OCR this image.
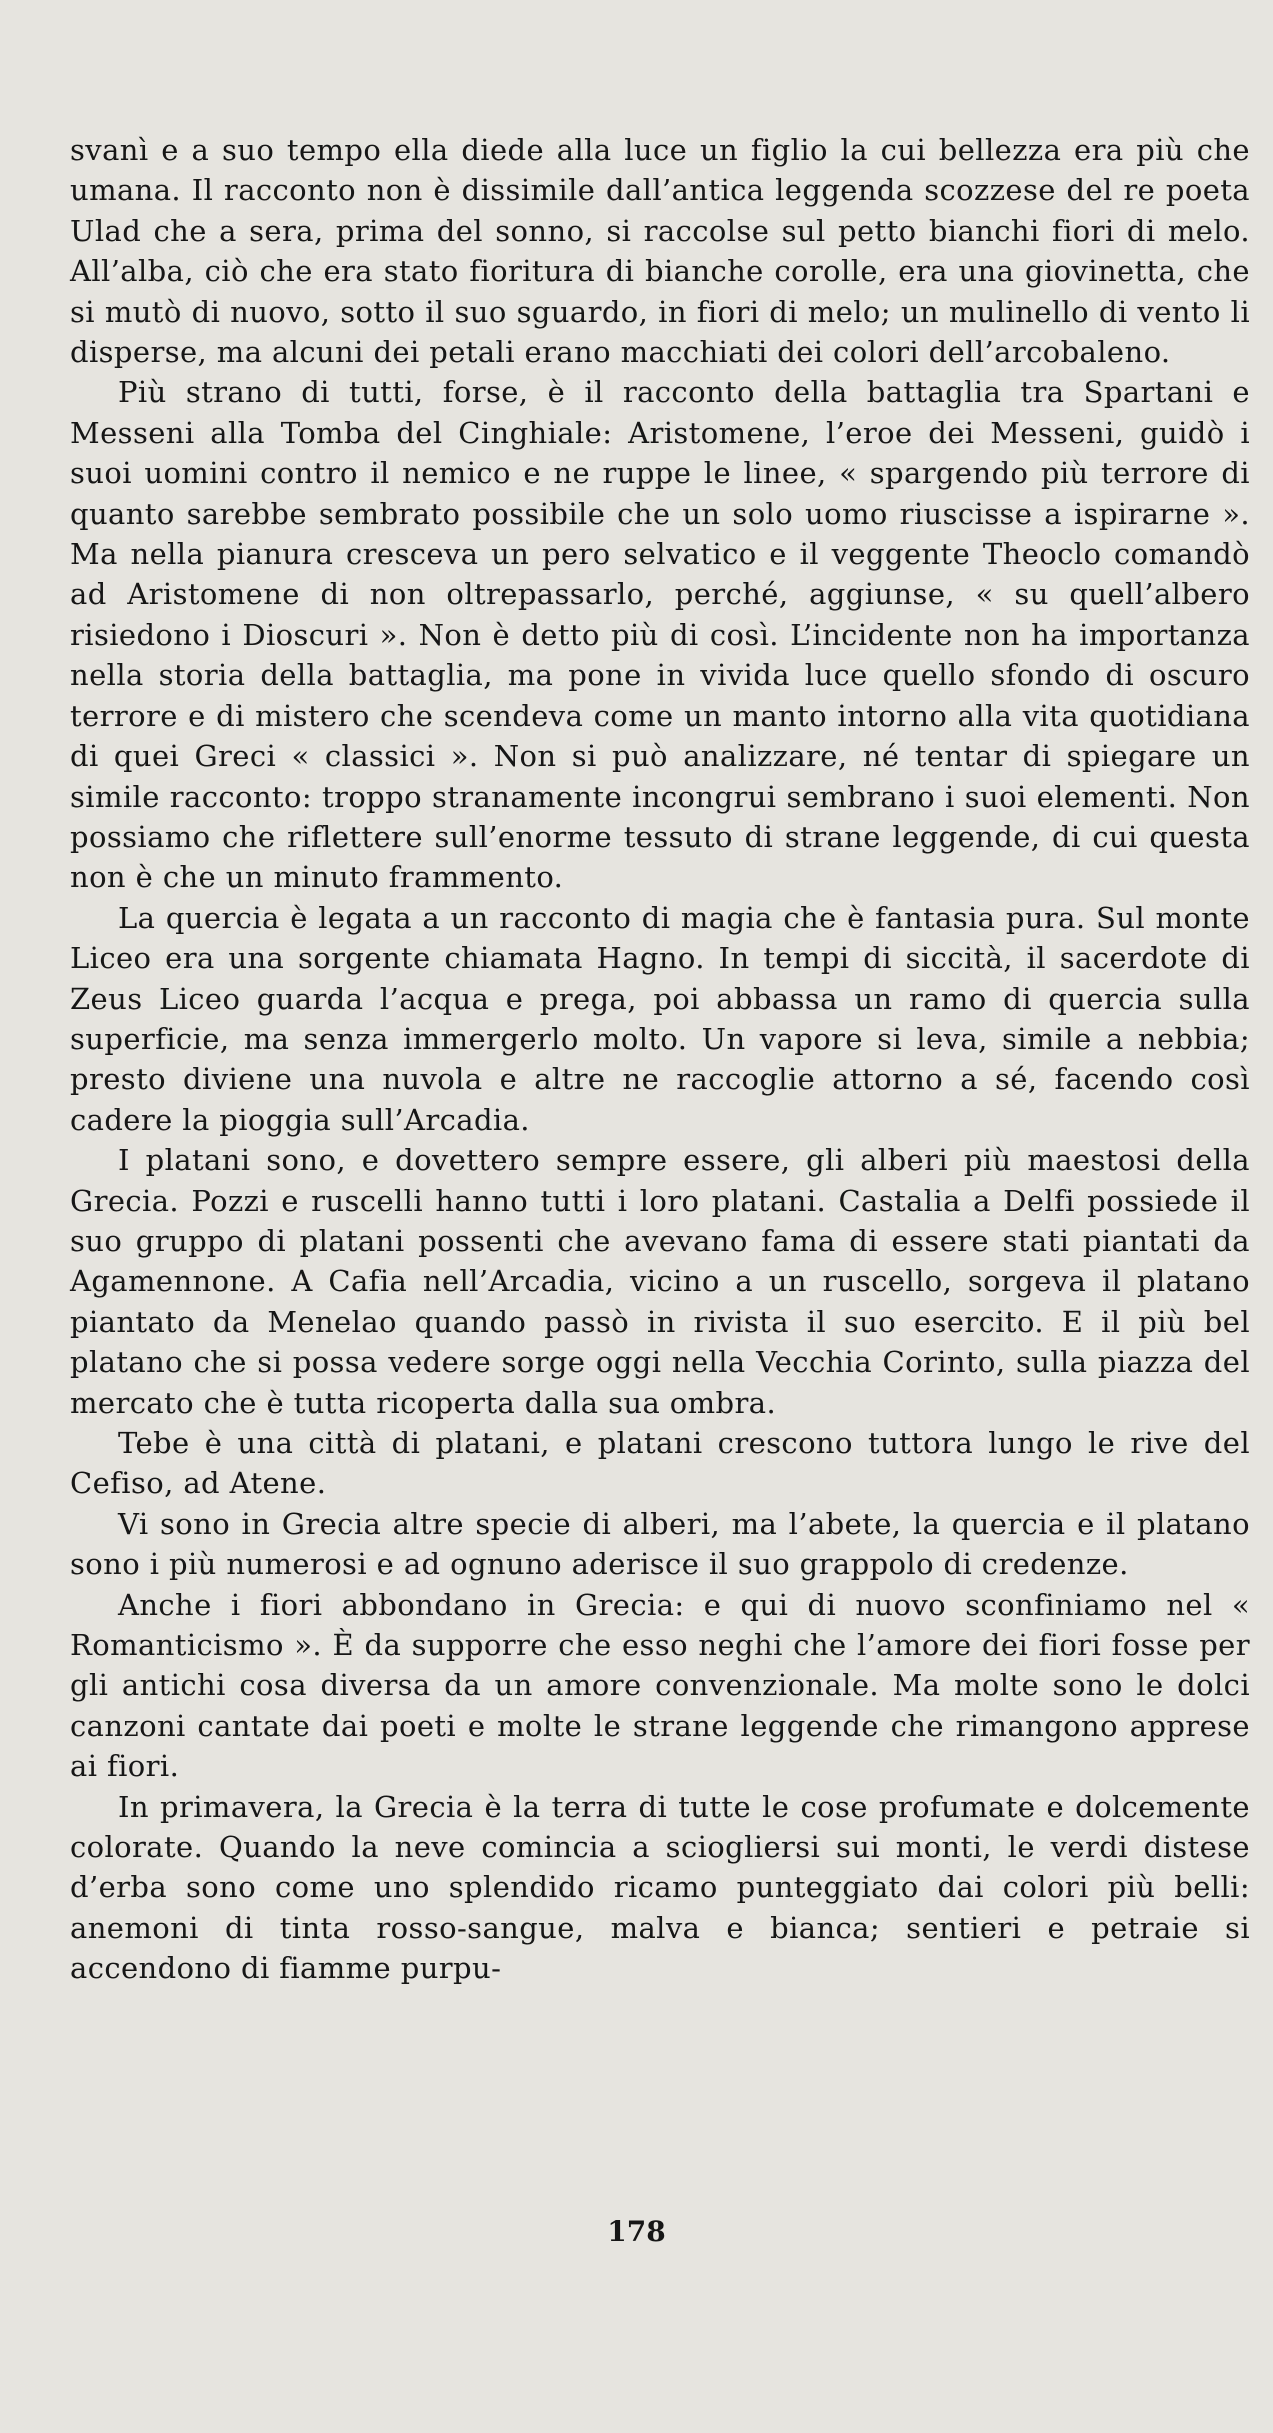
svanì e a suo tempo ella diede alla luce un figlio la cui bellezza era più che umana. Il racconto non è dissimile dall’antica leggenda scozzese del re poeta Ulad che a sera, prima del sonno, si raccolse sul petto bianchi fiori di melo. All’alba, ciò che era stato fioritura di bianche corolle, era una giovinetta, che si mutò di nuovo, sotto il suo sguardo, in fiori di melo; un mulinello di vento li disperse, ma alcuni dei petali erano macchiati dei colori dell’arcobaleno.

Più strano di tutti, forse, è il racconto della battaglia tra Spartani e Messeni alla Tomba del Cinghiale: Aristomene, l’eroe dei Messeni, guidò i suoi uomini contro il nemico e ne ruppe le linee, « spargendo più terrore di quanto sarebbe sembrato possibile che un solo uomo riuscisse a ispirarne ». Ma nella pianura cresceva un pero selvatico e il veggente Theoclo comandò ad Aristomene di non oltrepassarlo, perché, aggiunse, « su quell’albero risiedono i Dioscuri ». Non è detto più di così. L’incidente non ha importanza nella storia della battaglia, ma pone in vivida luce quello sfondo di oscuro terrore e di mistero che scendeva come un manto intorno alla vita quotidiana di quei Greci « classici ». Non si può analizzare, né tentar di spiegare un simile racconto: troppo stranamente incongrui sembrano i suoi elementi. Non possiamo che riflettere sull’enorme tessuto di strane leggende, di cui questa non è che un minuto frammento.

La quercia è legata a un racconto di magia che è fantasia pura. Sul monte Liceo era una sorgente chiamata Hagno. In tempi di siccità, il sacerdote di Zeus Liceo guarda l’acqua e prega, poi abbassa un ramo di quercia sulla superficie, ma senza immergerlo molto. Un vapore si leva, simile a nebbia; presto diviene una nuvola e altre ne raccoglie attorno a sé, facendo così cadere la pioggia sull’Arcadia.

I platani sono, e dovettero sempre essere, gli alberi più maestosi della Grecia. Pozzi e ruscelli hanno tutti i loro platani. Castalia a Delfi possiede il suo gruppo di platani possenti che avevano fama di essere stati piantati da Agamennone. A Cafia nell’Arcadia, vicino a un ruscello, sorgeva il platano piantato da Menelao quando passò in rivista il suo esercito. E il più bel platano che si possa vedere sorge oggi nella Vecchia Corinto, sulla piazza del mercato che è tutta ricoperta dalla sua ombra.

Tebe è una città di platani, e platani crescono tuttora lungo le rive del Cefiso, ad Atene.

Vi sono in Grecia altre specie di alberi, ma l’abete, la quercia e il platano sono i più numerosi e ad ognuno aderisce il suo grappolo di credenze.

Anche i fiori abbondano in Grecia: e qui di nuovo sconfiniamo nel « Romanticismo ». È da supporre che esso neghi che l’amore dei fiori fosse per gli antichi cosa diversa da un amore convenzionale. Ma molte sono le dolci canzoni cantate dai poeti e molte le strane leggende che rimangono apprese ai fiori.

In primavera, la Grecia è la terra di tutte le cose profumate e dolcemente colorate. Quando la neve comincia a sciogliersi sui monti, le verdi distese d’erba sono come uno splendido ricamo punteggiato dai colori più belli: anemoni di tinta rosso-sangue, malva e bianca; sentieri e petraie si accendono di fiamme purpu-

178
